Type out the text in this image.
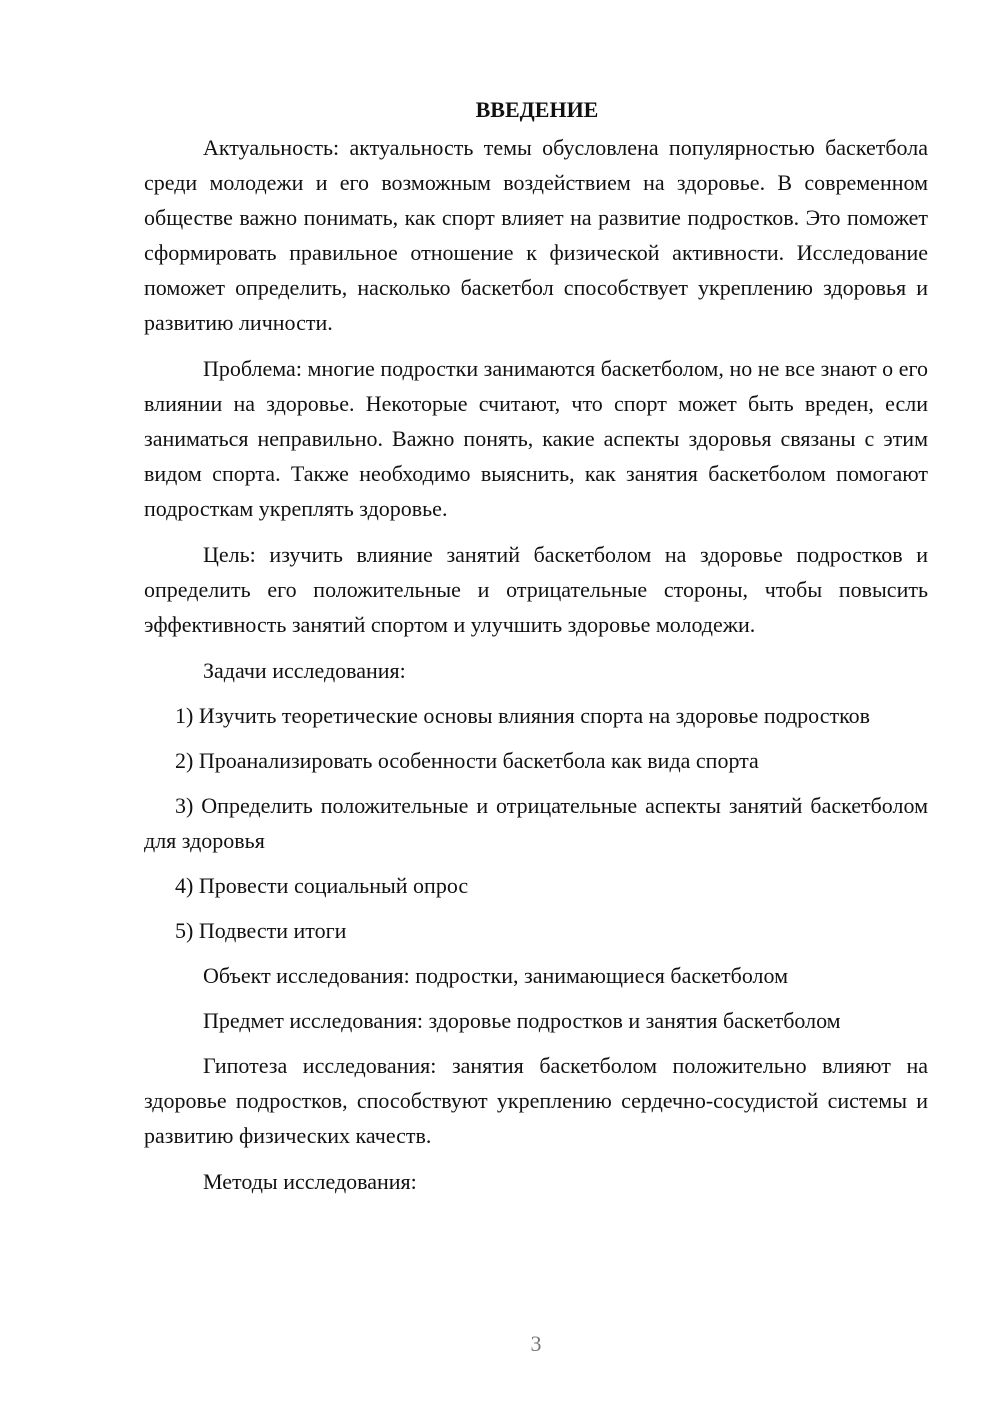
ВВЕДЕНИЕ

Актуальность: актуальность темы обусловлена популярностью баскетбола среди молодежи и его возможным воздействием на здоровье. В современном обществе важно понимать, как спорт влияет на развитие подростков. Это поможет сформировать правильное отношение к физической активности. Исследование поможет определить, насколько баскетбол способствует укреплению здоровья и развитию личности.

Проблема: многие подростки занимаются баскетболом, но не все знают о его влиянии на здоровье. Некоторые считают, что спорт может быть вреден, если заниматься неправильно. Важно понять, какие аспекты здоровья связаны с этим видом спорта. Также необходимо выяснить, как занятия баскетболом помогают подросткам укреплять здоровье.

Цель: изучить влияние занятий баскетболом на здоровье подростков и определить его положительные и отрицательные стороны, чтобы повысить эффективность занятий спортом и улучшить здоровье молодежи.

Задачи исследования:

1) Изучить теоретические основы влияния спорта на здоровье подростков

2) Проанализировать особенности баскетбола как вида спорта

3) Определить положительные и отрицательные аспекты занятий баскетболом для здоровья

4) Провести социальный опрос

5) Подвести итоги

Объект исследования: подростки, занимающиеся баскетболом

Предмет исследования: здоровье подростков и занятия баскетболом

Гипотеза исследования: занятия баскетболом положительно влияют на здоровье подростков, способствуют укреплению сердечно-сосудистой системы и развитию физических качеств.

Методы исследования:

3
